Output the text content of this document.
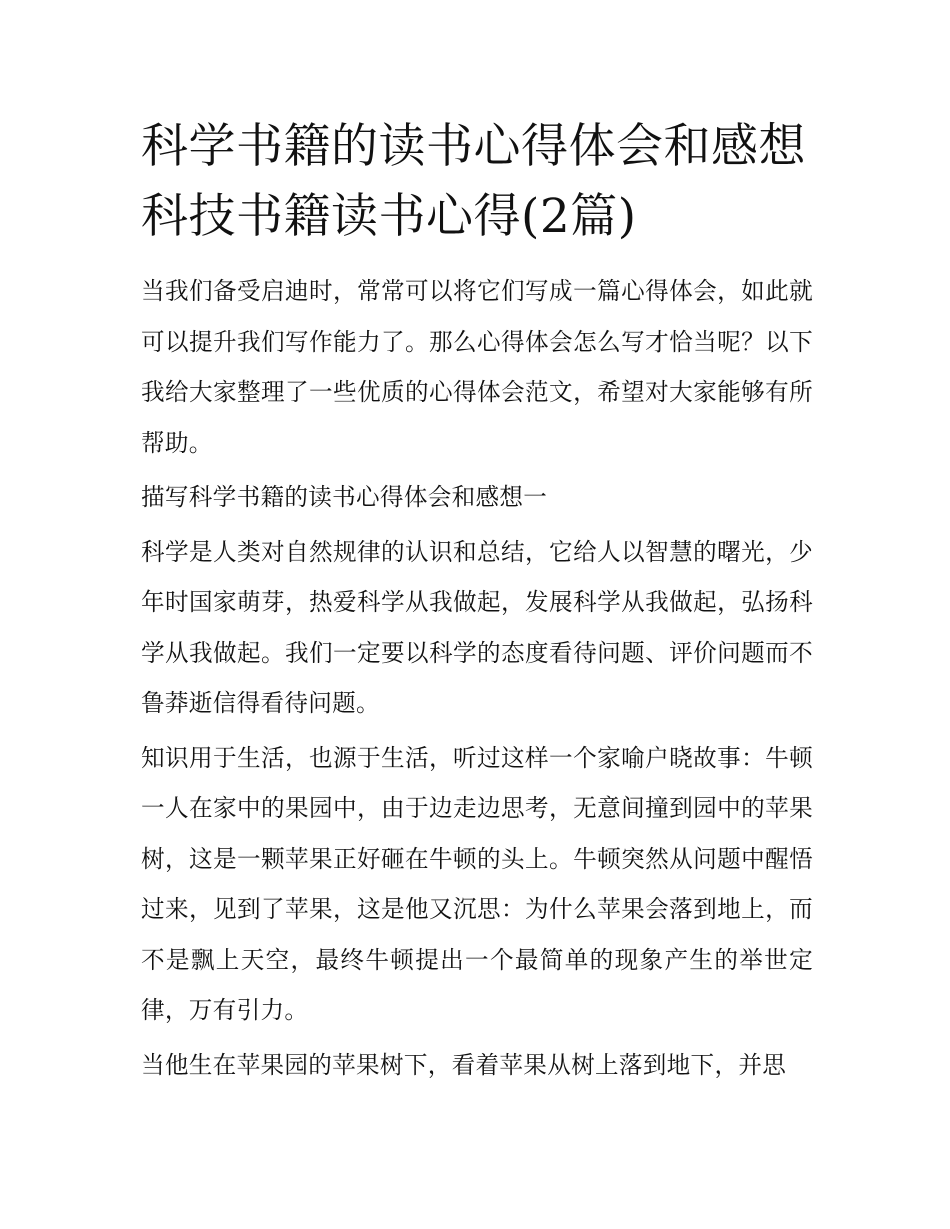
科学书籍的读书心得体会和感想 科技书籍读书心得(2篇)

当我们备受启迪时，常常可以将它们写成一篇心得体会，如此就可以提升我们写作能力了。那么心得体会怎么写才恰当呢？以下我给大家整理了一些优质的心得体会范文，希望对大家能够有所帮助。

描写科学书籍的读书心得体会和感想一

科学是人类对自然规律的认识和总结，它给人以智慧的曙光，少年时国家萌芽，热爱科学从我做起，发展科学从我做起，弘扬科学从我做起。我们一定要以科学的态度看待问题、评价问题而不鲁莽逝信得看待问题。

知识用于生活，也源于生活，听过这样一个家喻户晓故事：牛顿一人在家中的果园中，由于边走边思考，无意间撞到园中的苹果树，这是一颗苹果正好砸在牛顿的头上。牛顿突然从问题中醒悟过来，见到了苹果，这是他又沉思：为什么苹果会落到地上，而不是飘上天空，最终牛顿提出一个最简单的现象产生的举世定律，万有引力。

当他生在苹果园的苹果树下，看着苹果从树上落到地下，并思
